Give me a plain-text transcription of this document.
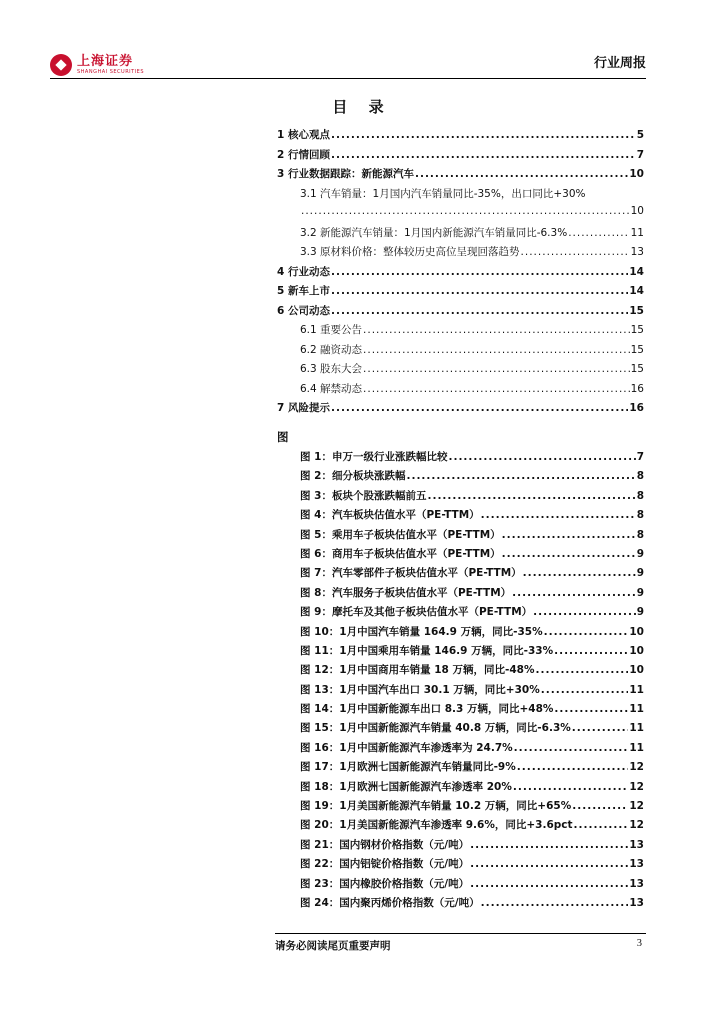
上海证券
SHANGHAI SECURITIES
行业周报
目 录
1 核心观点 .....	5
2 行情回顾 .....	7
3 行业数据跟踪：新能源汽车 .....	10
3.1 汽车销量：1月国内汽车销量同比-35%，出口同比+30%
.....
10
3.2 新能源汽车销量：1月国内新能源汽车销量同比-6.3% .....	11
3.3 原材料价格：整体较历史高位呈现回落趋势 .....	13
4 行业动态 .....	14
5 新车上市 .....	14
6 公司动态 .....	15
6.1 重要公告 .....	15
6.2 融资动态 .....	15
6.3 股东大会 .....	15
6.4 解禁动态 .....	16
7 风险提示 .....	16
图
图 1：申万一级行业涨跌幅比较 .....	7
图 2：细分板块涨跌幅 .....	8
图 3：板块个股涨跌幅前五 .....	8
图 4：汽车板块估值水平（PE-TTM） .....	8
图 5：乘用车子板块估值水平（PE-TTM） .....	8
图 6：商用车子板块估值水平（PE-TTM） .....	9
图 7：汽车零部件子板块估值水平（PE-TTM） .....	9
图 8：汽车服务子板块估值水平（PE-TTM） .....	9
图 9：摩托车及其他子板块估值水平（PE-TTM） .....	9
图 10：1月中国汽车销量 164.9 万辆，同比-35% .....	10
图 11：1月中国乘用车销量 146.9 万辆，同比-33% .....	10
图 12：1月中国商用车销量 18 万辆，同比-48% .....	10
图 13：1月中国汽车出口 30.1 万辆，同比+30% .....	11
图 14：1月中国新能源车出口 8.3 万辆，同比+48% .....	11
图 15：1月中国新能源汽车销量 40.8 万辆，同比-6.3% .....	11
图 16：1月中国新能源汽车渗透率为 24.7% .....	11
图 17：1月欧洲七国新能源汽车销量同比-9% .....	12
图 18：1月欧洲七国新能源汽车渗透率 20% .....	12
图 19：1月美国新能源汽车销量 10.2 万辆，同比+65% .....	12
图 20：1月美国新能源汽车渗透率 9.6%，同比+3.6pct .....	12
图 21：国内钢材价格指数（元/吨） .....	13
图 22：国内铝锭价格指数（元/吨） .....	13
图 23：国内橡胶价格指数（元/吨） .....	13
图 24：国内聚丙烯价格指数（元/吨） .....	13
请务必阅读尾页重要声明	3
